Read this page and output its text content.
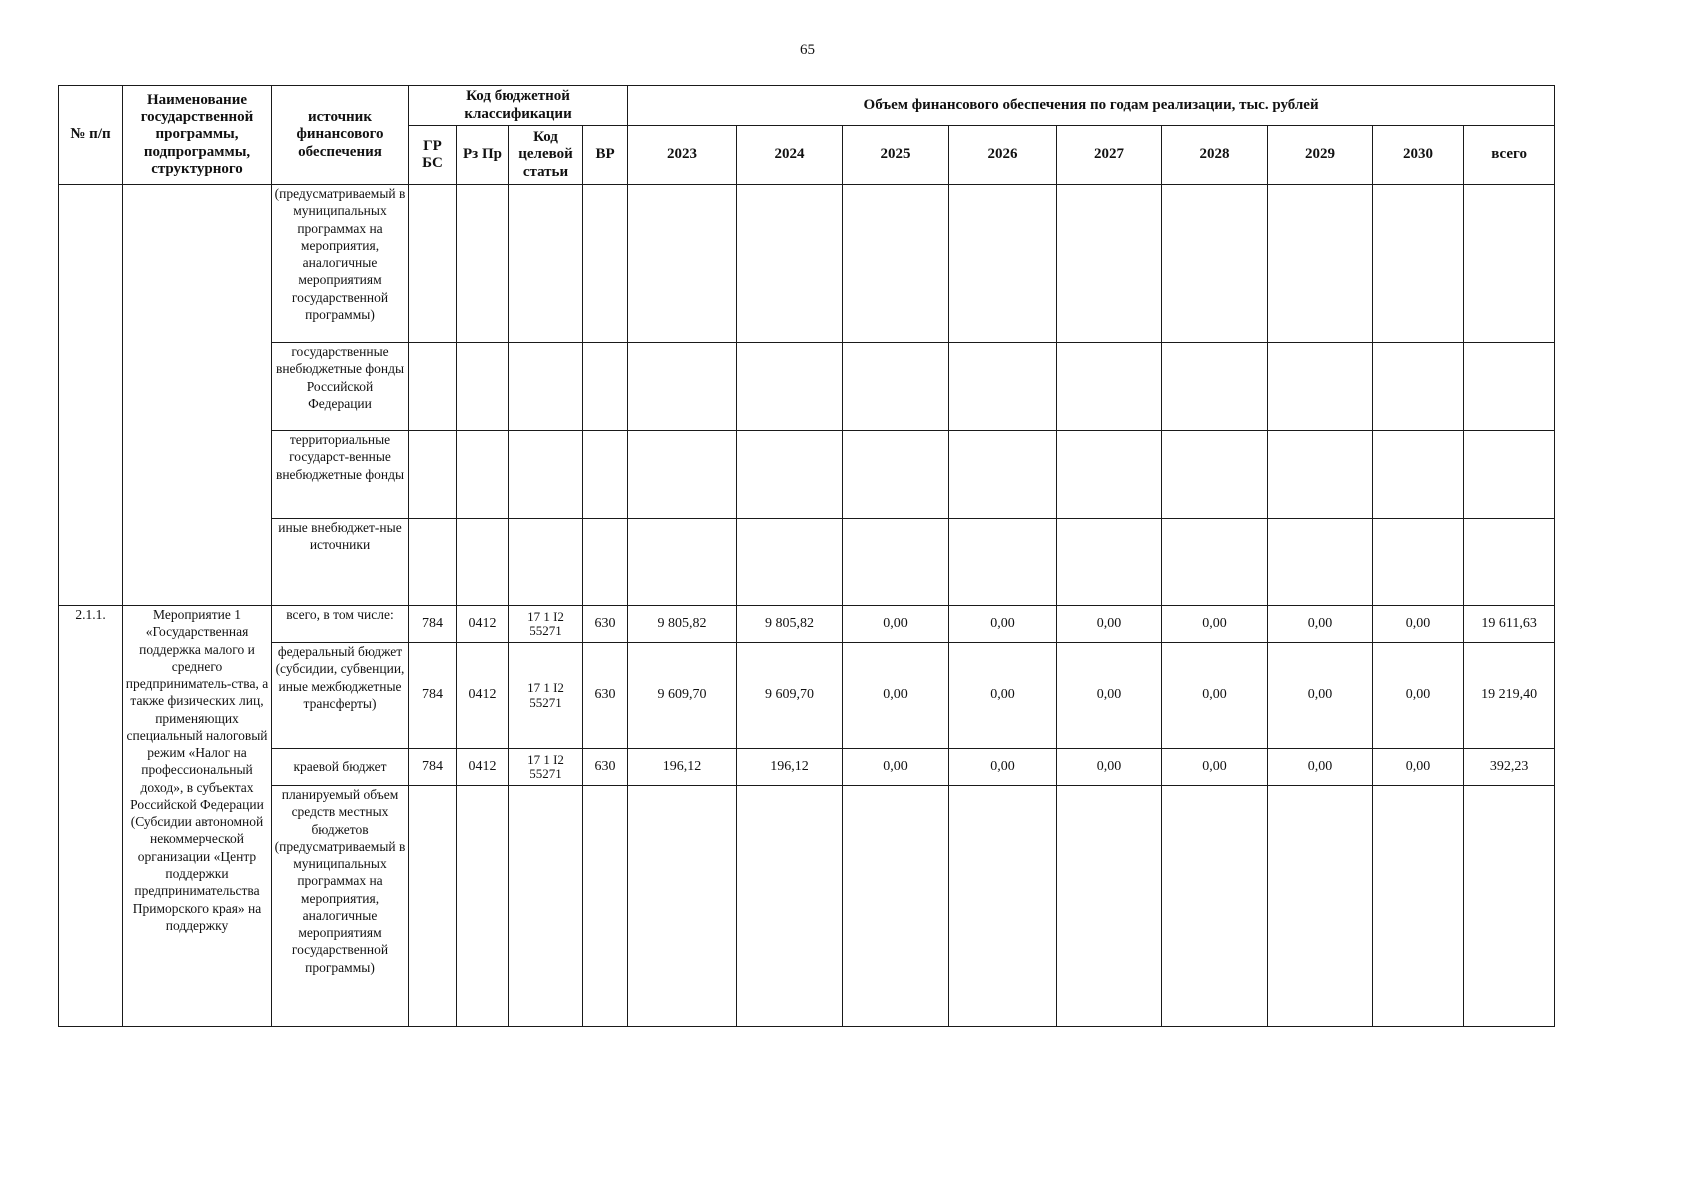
65
№ п/п	Наименование государственной программы, подпрограммы, структурного	источник финансового обеспечения	Код бюджетной классификации				Объем финансового обеспечения по годам реализации, тыс. рублей								
			ГР БС	Рз Пр	Код целевой статьи	ВР	2023	2024	2025	2026	2027	2028	2029	2030	всего
		(предусматриваемый в муниципальных программах на мероприятия, аналогичные мероприятиям государственной программы)													
		государственные внебюджетные фонды Российской Федерации													
		территориальные государст-венные внебюджетные фонды													
		иные внебюджет-ные источники													
2.1.1.	Мероприятие 1 «Государственная поддержка малого и среднего предприниматель-ства, а также физических лиц, применяющих специальный налоговый режим «Налог на профессиональный доход», в субъектах Российской Федерации (Субсидии автономной некоммерческой организации «Центр поддержки предпринимательства Приморского края» на поддержку	всего, в том числе:	784	0412	17 1 I2 55271	630	9 805,82	9 805,82	0,00	0,00	0,00	0,00	0,00	0,00	19 611,63
		федеральный бюджет (субсидии, субвенции, иные межбюджетные трансферты)	784	0412	17 1 I2 55271	630	9 609,70	9 609,70	0,00	0,00	0,00	0,00	0,00	0,00	19 219,40
		краевой бюджет	784	0412	17 1 I2 55271	630	196,12	196,12	0,00	0,00	0,00	0,00	0,00	0,00	392,23
		планируемый объем средств местных бюджетов (предусматриваемый в муниципальных программах на мероприятия, аналогичные мероприятиям государственной программы)													
